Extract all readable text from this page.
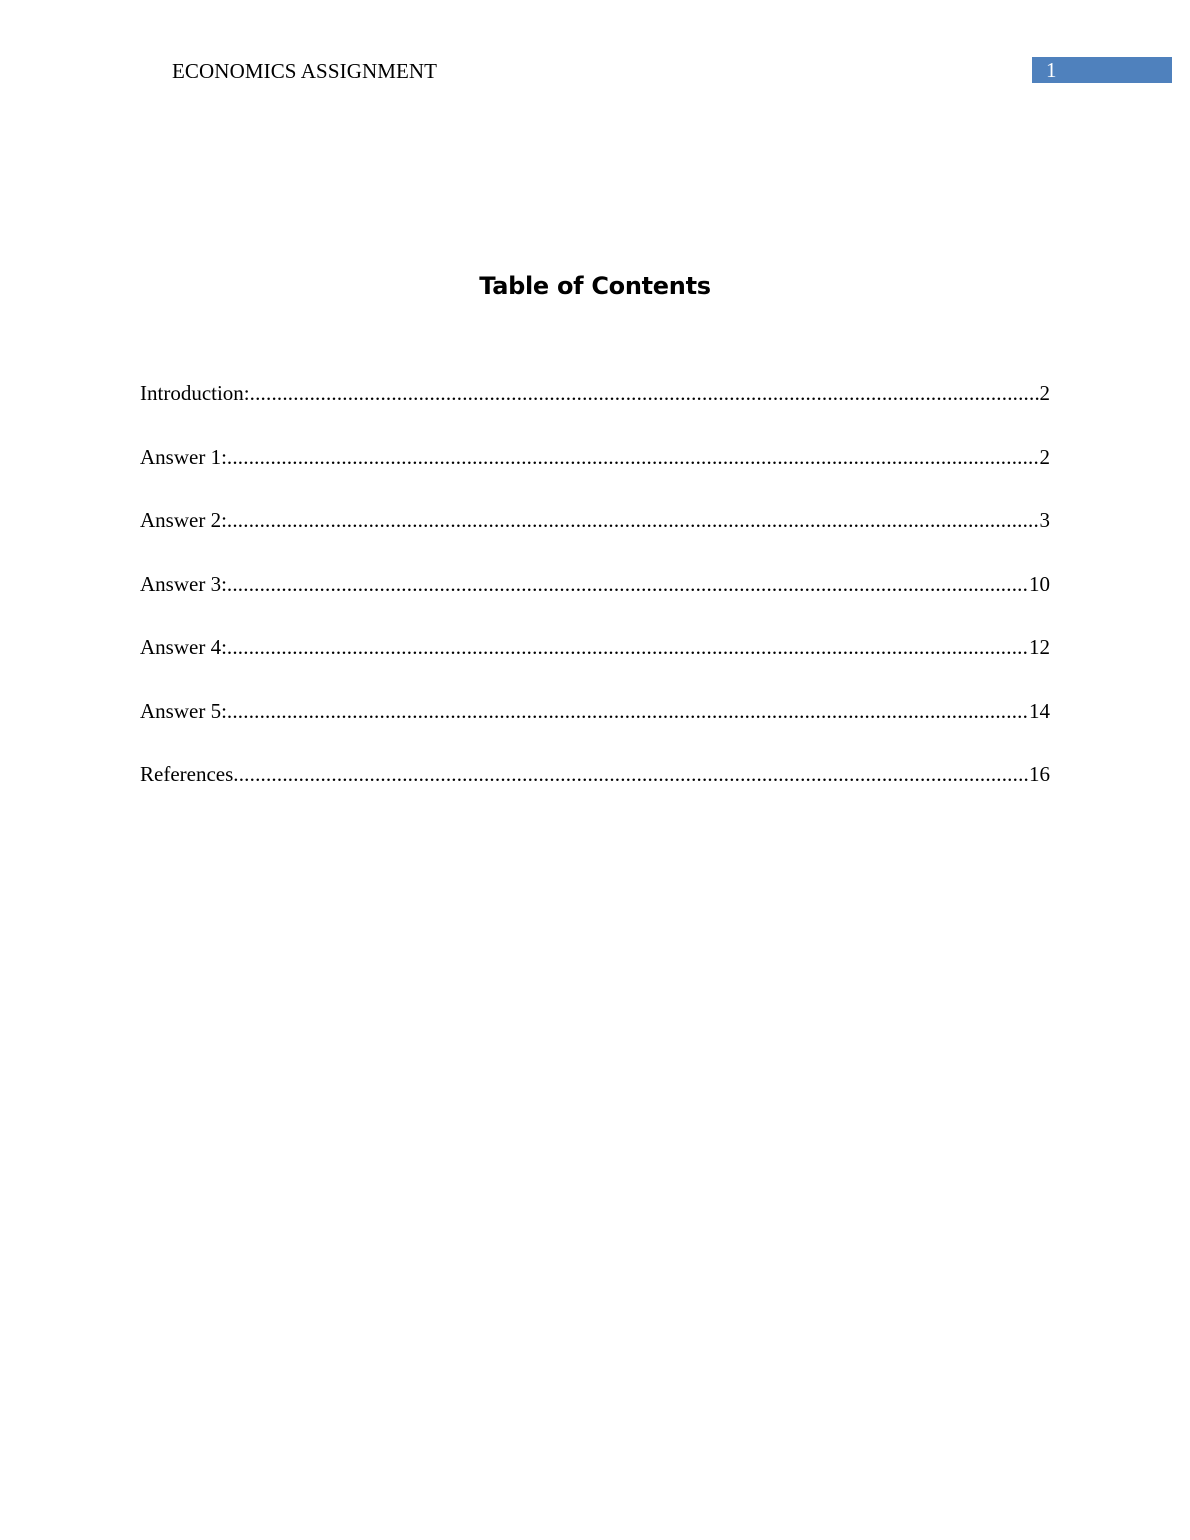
ECONOMICS ASSIGNMENT	1
Table of Contents
Introduction: .....	2
Answer 1: .....	2
Answer 2: .....	3
Answer 3: .....	10
Answer 4: .....	12
Answer 5: .....	14
References .....	16
